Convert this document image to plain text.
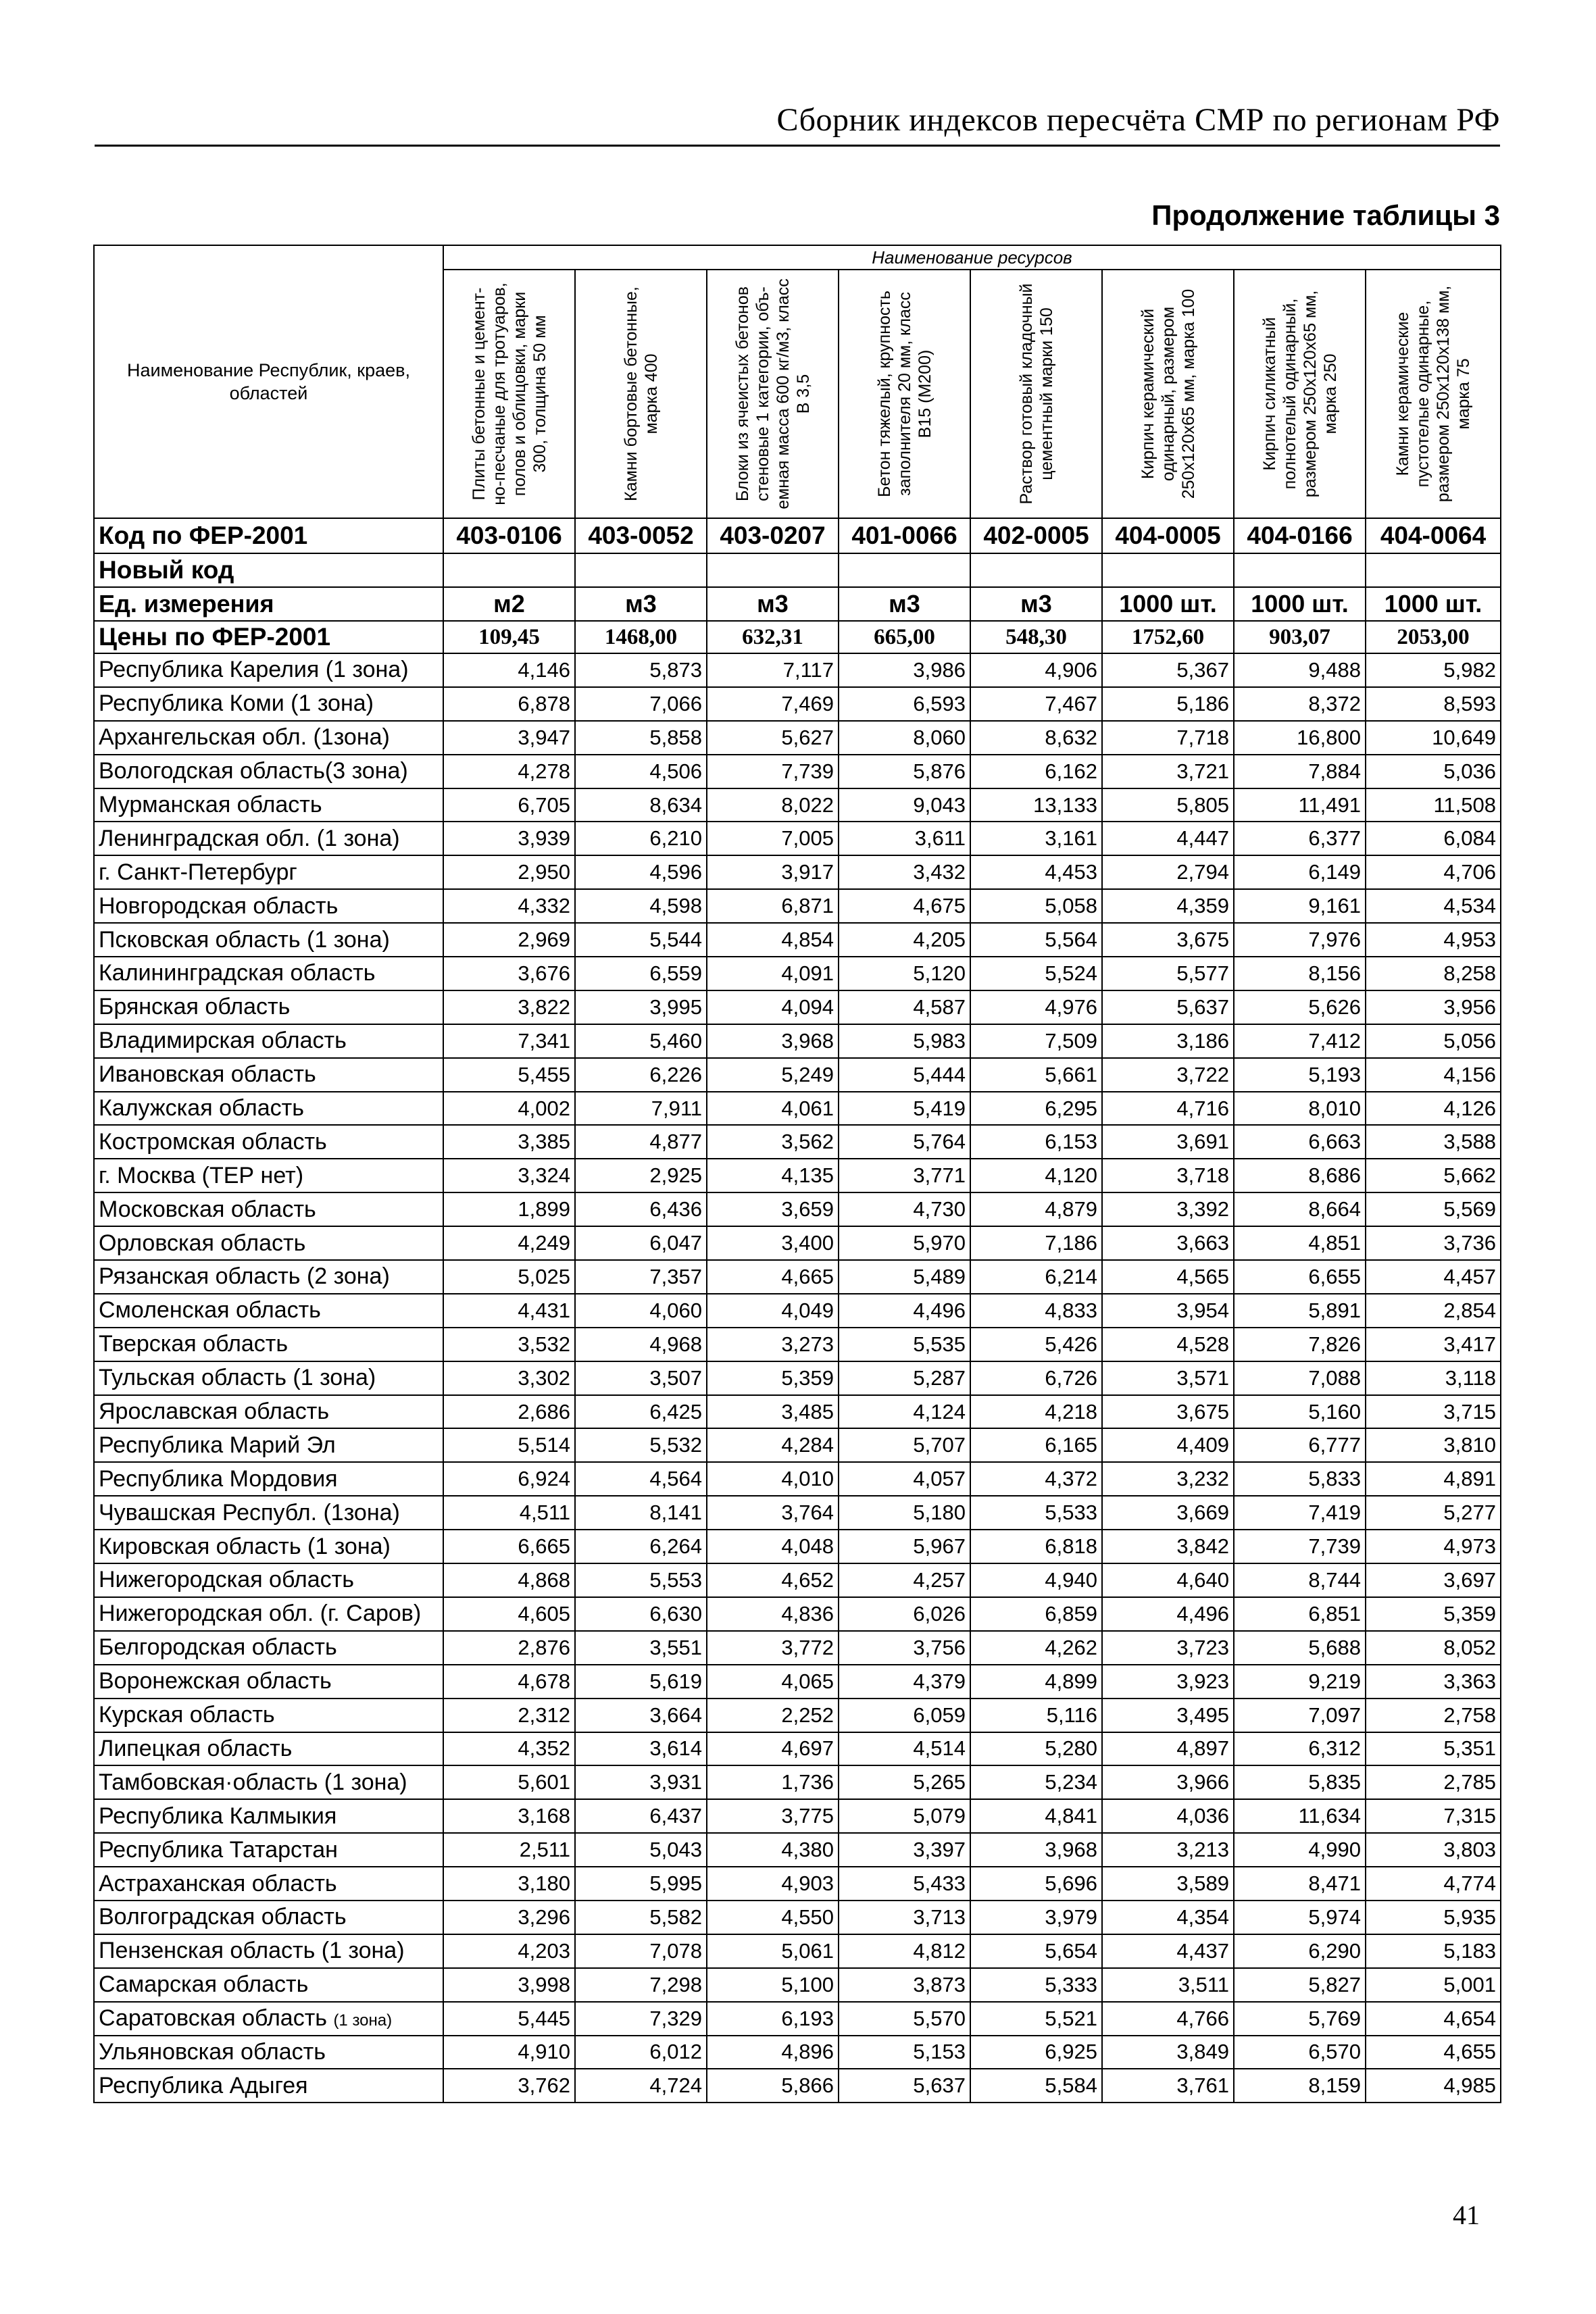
Сборник индексов пересчёта СМР по регионам РФ
Продолжение таблицы 3
Наименование Республик, краев, областей	Наименование ресурсов							

	Плиты бетонные и цемент-но-песчаные для тротуаров, полов и облицовки, марки 300, толщина 50 мм	Камни бортовые бетонные, марка 400	Блоки из ячеистых бетонов стеновые 1 категории, объ-емная масса 600 кг/м3, класс В 3,5	Бетон тяжелый, крупность заполнителя 20 мм, класс В15 (М200)	Раствор готовый кладочный цементный марки 150	Кирпич керамический одинарный, размером 250х120х65 мм, марка 100	Кирпич силикатный полнотелый одинарный, размером 250х120х65 мм, марка 250	Камни керамические пустотелые одинарные, размером 250х120х138 мм, марка 75

Код по ФЕР-2001	403-0106	403-0052	403-0207	401-0066	402-0005	404-0005	404-0166	404-0064
Новый код								
Ед. измерения	м2	м3	м3	м3	м3	1000 шт.	1000 шт.	1000 шт.
Цены по ФЕР-2001	109,45	1468,00	632,31	665,00	548,30	1752,60	903,07	2053,00
Республика Карелия (1 зона)	4,146	5,873	7,117	3,986	4,906	5,367	9,488	5,982
Республика Коми (1 зона)	6,878	7,066	7,469	6,593	7,467	5,186	8,372	8,593
Архангельская обл. (1зона)	3,947	5,858	5,627	8,060	8,632	7,718	16,800	10,649
Вологодская область(3 зона)	4,278	4,506	7,739	5,876	6,162	3,721	7,884	5,036
Мурманская область	6,705	8,634	8,022	9,043	13,133	5,805	11,491	11,508
Ленинградская обл. (1 зона)	3,939	6,210	7,005	3,611	3,161	4,447	6,377	6,084
г. Санкт-Петербург	2,950	4,596	3,917	3,432	4,453	2,794	6,149	4,706
Новгородская область	4,332	4,598	6,871	4,675	5,058	4,359	9,161	4,534
Псковская область (1 зона)	2,969	5,544	4,854	4,205	5,564	3,675	7,976	4,953
Калининградская область	3,676	6,559	4,091	5,120	5,524	5,577	8,156	8,258
Брянская область	3,822	3,995	4,094	4,587	4,976	5,637	5,626	3,956
Владимирская область	7,341	5,460	3,968	5,983	7,509	3,186	7,412	5,056
Ивановская область	5,455	6,226	5,249	5,444	5,661	3,722	5,193	4,156
Калужская область	4,002	7,911	4,061	5,419	6,295	4,716	8,010	4,126
Костромская область	3,385	4,877	3,562	5,764	6,153	3,691	6,663	3,588
г. Москва (ТЕР нет)	3,324	2,925	4,135	3,771	4,120	3,718	8,686	5,662
Московская область	1,899	6,436	3,659	4,730	4,879	3,392	8,664	5,569
Орловская область	4,249	6,047	3,400	5,970	7,186	3,663	4,851	3,736
Рязанская область (2 зона)	5,025	7,357	4,665	5,489	6,214	4,565	6,655	4,457
Смоленская область	4,431	4,060	4,049	4,496	4,833	3,954	5,891	2,854
Тверская область	3,532	4,968	3,273	5,535	5,426	4,528	7,826	3,417
Тульская область (1 зона)	3,302	3,507	5,359	5,287	6,726	3,571	7,088	3,118
Ярославская область	2,686	6,425	3,485	4,124	4,218	3,675	5,160	3,715
Республика Марий Эл	5,514	5,532	4,284	5,707	6,165	4,409	6,777	3,810
Республика Мордовия	6,924	4,564	4,010	4,057	4,372	3,232	5,833	4,891
Чувашская Республ. (1зона)	4,511	8,141	3,764	5,180	5,533	3,669	7,419	5,277
Кировская область (1 зона)	6,665	6,264	4,048	5,967	6,818	3,842	7,739	4,973
Нижегородская область	4,868	5,553	4,652	4,257	4,940	4,640	8,744	3,697
Нижегородская обл. (г. Саров)	4,605	6,630	4,836	6,026	6,859	4,496	6,851	5,359
Белгородская область	2,876	3,551	3,772	3,756	4,262	3,723	5,688	8,052
Воронежская область	4,678	5,619	4,065	4,379	4,899	3,923	9,219	3,363
Курская область	2,312	3,664	2,252	6,059	5,116	3,495	7,097	2,758
Липецкая область	4,352	3,614	4,697	4,514	5,280	4,897	6,312	5,351
Тамбовская·область (1 зона)	5,601	3,931	1,736	5,265	5,234	3,966	5,835	2,785
Республика Калмыкия	3,168	6,437	3,775	5,079	4,841	4,036	11,634	7,315
Республика Татарстан	2,511	5,043	4,380	3,397	3,968	3,213	4,990	3,803
Астраханская область	3,180	5,995	4,903	5,433	5,696	3,589	8,471	4,774
Волгоградская область	3,296	5,582	4,550	3,713	3,979	4,354	5,974	5,935
Пензенская область (1 зона)	4,203	7,078	5,061	4,812	5,654	4,437	6,290	5,183
Самарская область	3,998	7,298	5,100	3,873	5,333	3,511	5,827	5,001
Саратовская область (1 зона)	5,445	7,329	6,193	5,570	5,521	4,766	5,769	4,654
Ульяновская область	4,910	6,012	4,896	5,153	6,925	3,849	6,570	4,655
Республика Адыгея	3,762	4,724	5,866	5,637	5,584	3,761	8,159	4,985
41
